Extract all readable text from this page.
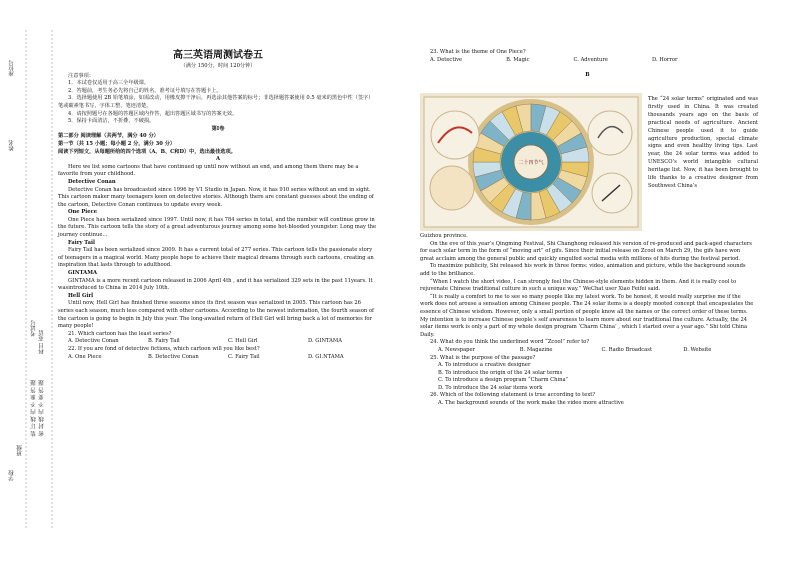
座位号
姓名
学校
班级
考试号
科目 英语
装 订 线 内 不 准 答 题 密 封 线 内 不 要 答 题
高三英语周测试卷五

（满分 150分，时间 120分钟）

注意事项：

1．本试卷仅适用于高三全年级课。

2．答题前，考生务必先将自己的姓名、准考证号填写在答题卡上。

3．选择题使用 2B 铅笔填涂，如需改动，用橡皮擦干净后，再选涂其他答案的标号；非选择题答案使用 0.5 毫米的黑色中性（签字）笔或碳素笔书写，字体工整，笔迹清楚。

4．请按照题号在各题的答题区域内作答，超出答题区域书写的答案无效。

5．保持卡面清洁，不折叠，不破损。

第Ⅰ卷

第二部分 阅读理解（共两节，满分 40 分）

第一节（共 15 小题；每小题 2 分，满分 30 分）

阅读下列短文，从每题所给的四个选项（A、B、C和D）中，选出最佳选项。

A

Here we list some cartoons that have continued up until now without an end, and among them there may be a favorite from your childhood.

Detective Conan

Detective Conan has broadcasted since 1996 by V1 Studio in Japan. Now, it has 910 series without an end in sight. This cartoon maker many teenagers keen on detective stories. Although there are constant guesses about the ending of the cartoon, Detective Conan continues to update every week.

One Piece

One Piece has been serialized since 1997. Until now, it has 784 series in total, and the number will continue grow in the future. This cartoon tells the story of a great adventurous journey among some hot-blooded youngster. Long may the journey continue…

Fairy Tail

Fairy Tail has been serialized since 2009. It has a current total of 277 series. This cartoon tells the passionate story of teenagers in a magical world. Many people hope to achieve their magical dreams through such cartoons, creating an inspiration that lasts through to adulthood.

GINTAMA

GINTAMA is a more recent cartoon released in 2006 April 4th , and it has serialized 329 sets in the past 11years. It wasintroduced to China in 2014 July 10th.

Hell Girl

Until now, Hell Girl has finished three seasons since its first season was serialized in 2005. This cartoon has 26 series each season, much less compared with other cartoons. According to the newest information, the fourth season of the cartoon is going to begin in July this year. The long-awaited return of Hell Girl will bring back a lot of memories for many people!

21. Which cartoon has the least series?

A. Detective Conan	B. Fairy Tail	C. Hell Girl	D. GINTAMA

22. If you are fond of detective fictions, which cartoon will you like best?

A. One Piece	B. Detective Conan	C. Fairy Tail	D. GI.NTAMA

23. What is the theme of One Piece?

A. Detective	B. Magic	C. Adventure	D. Horror

B

二十四节气
The “24 solar terms” originated and was firstly used in China. It was created thousands years ago on the basis of practical needs of agriculture. Ancient Chinese people used it to guide agriculture production, special climate signs and even healthy living tips. Last year, the 24 solar terms was added to UNESCO’s world intangible cultural heritage list. Now, it has been brought to life thanks to a creative designer from Southwest China’s

Guizhou province.

On the eve of this year’s Qingming Festival, Shi Changhong released his version of re-produced and pack-aged characters for each solar term in the form of “moving art” of gifs. Since their initial release on Zcool on March 29, the gifs have won great acclaim among the general public and quickly engulfed social media with millions of hits during the festival period.

To maximize publicity, Shi released his work in three forms: video, animation and picture, while the background sounds add to the brilliance.

“When I watch the short video, I can strongly feel the Chinese-style elements hidden in them. And it is really cool to rejuvenate Chinese traditional culture in such a unique way.” WeChat user Xiao Feifei said.

“It is really a comfort to me to see so many people like my latest work. To be honest, it would really surprise me if the work does not arouse a sensation among Chinese people. The 24 solar items is a deeply mooted concept that encapsulates the essence of Chinese wisdom. However, only a small portion of people know all the names or the correct order of these terms. My intention is to increase Chinese people’s self awareness to learn more about our traditional fine culture. Actually, the 24 solar items work is only a part of my whole design program ‘Charm China’ , which I started over a year ago.” Shi told China Daily.

24. What do you think the underlined word “Zcool” refer to?

A. Newspaper	B. Magazine	C. Radio Broadcast	D. Website

25. What is the purpose of the passage?

A. To introduce a creative designer

B. To introduce the origin of the 24 solar terms

C. To introduce a design program “Charm China”

D. To introduce the 24 solar items work

26. Which of the following statement is true according to text?

A. The background sounds of the work make the video more attractive
